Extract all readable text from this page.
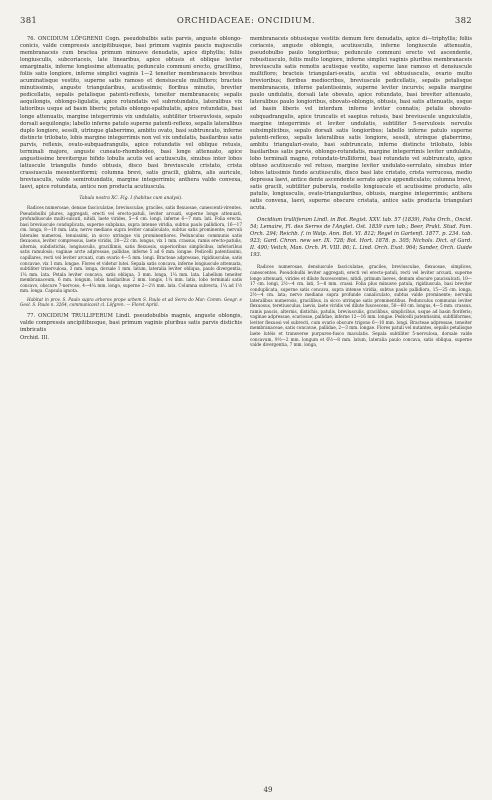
381	ORCHIDACEAE: ONCIDIUM.	382

76. ONCIDIUM LÖFGRENII Cogn. pseudobulbis satis parvis, anguste oblongo-conicis, valde compressis ancipitibusque, basi primum vaginis paucis majusculis membranaceis cum bractea primum minusve denudatis, apice diphyllis; foliis longiusculis, subcoriaceis, late linearibus, apice obtusis et oblique leviter emarginatis, inferne longissime attenuatis; pedunculo communi erecto, gracillimo, foliis satis longiore, inferne simplici vaginis 1—2 teneiter membranaceis brevibus acuminatisque vestito, superne satis ramoso et densiuscule multifloro; bracteis minutissimis, anguste triangularibus, acutissimis; floribus minutis, breviter pedicellatis, sepalis petalisque patenti-reflexis, teneiter membranaceis; sepalis aequilongis, oblongo-ligulatis, apice rotundatis vel subrotundatis, lateralibus vix latioribus usque ad basin liberis; petalis oblongo-spathulatis, apice rotundatis, basi longe attenuatis, margine integerrimis vix undulatis, subtiliter triseruvlosis, sepalo dorsali aequilongis; labello inferne patulo superne patenti-reflexo, sepalis lateralibus duplo longiore, sessili, utrinque glaberrimo, ambitu ovato, basi subtruncato, inferne distincte trilobato, lobis margine integerrimis non vel vix undulatis, basilaribus satis parvis, reflexis, ovato-subquadrangulis, apice rotundatis vel oblique retusis, terminali majore, anguste cuneato-rhomboideo, basi longe attenuato, apice angustissime breviterque bifido lobulis acutis vel acutiusculis, sinubus inter lobos latiuscule triangulis fundo obtusis, disco basi breviuscule cristato, crista crassiuscula mesenteriformi; columna brevi, satis gracili, glabra, alis auricule, breviusculis, valde semirotundatis, margine integerrimis; anthera valde convexa, laevi, apice rotundata, antice non producta acutiuscula.

Tabula nostra XC. Fig. I (habitus cum analysi).

Radices numerosae, densae fasciculatae, breviusculae, graciles, satis flexuosae, canescenti-virentes. Pseudobulbi plures, aggregati, erecti vel erecto-patuli, leviter arcuati, superne longe attenuati, profundiuscule multi-sulcati, nitidi, laete virides, 5—6 cm. longi, inferne 6—7 mm. lati. Folia erecta, basi breviuscule conduplicata, superne subplana, supra intense viridia, subtus paulo pallidiora, 16—17 cm. longa, 8—10 mm. lata; nervo mediano supra leviter canaliculato, subtus satis prominente; nervuli laterales numerosi, tenuissimi, in sicco utrinque vix prominentiores. Pedunculus communis satis flexuosus, leviter compressus, laete viridis, 20—22 cm. longus, vix 1 mm. crassus, ramis erecto-patulis, alternis, subdistichis, longiusculis, gracillimis, satis flexuosis, superioribus simplicibus, inferioribus satis ramulosis; vaginae arcte adpressae, pallidae, inferne 5 ad 6 mm. longae. Pedicelli patentissimi, capillares, recti vel leviter arcuati, cum ovario 4—5 mm. longi. Bracteae adpressae, rigidiusculae, satis concavae, vix 1 mm. longae. Flores et videtur lutei. Sepala satis concava, inferne longiuscule attenuata, subtiliter triservulosa, 3 mm. longa, dorsale 1 mm. latum, lateralia leviter obliqua, paulo divergentia, 1¼ mm. lata. Petala leviter concava, satis obliqua, 3 mm. longa, 1¼ mm. lata. Labellum teneiter membranaceum, 6 mm. longum, lobis basilaribus 2 mm. longis, 1¼ mm. latis, lobo terminali satis concavo, obscure 7-nervoso, 4—4¼ mm. longo, superne 2—2½ mm. lata. Columna subrecta, 1¼ ad 1½ mm. longa. Capsula ignota.

Habitat in prov. S. Paulo supra arbores prope urbem S. Paulo et ad Serra do Mar: Comm. Geogr. e Geol. S. Paulo n. 3264, communicavit cl. Löfgren. — Floret Aprili.

77. ONCIDIUM TRULLIFERUM Lindl. pseudobulbis magnis, anguste oblongis, valde compressis ancipitibusque, basi primum vaginis pluribus satis parvis distichis imbricatis

Orchid. III.

membranaceis obtusisque vestitis demum fere denudatis, apice di—triphyllis; foliis coriaceis, anguste oblongis, acutiusculis, inferne longiuscule attenuatis, pseudobulbo paulo longioribus; pedunculo communi erecto vel ascendente, robustiusculo, foliis multo longiore, inferne simplici vaginis pluribus membranaceis breviusculis satis remotis acutisque vestito, superne laxe ramoso et densiuscule multifloro; bracteis triangulari-ovatis, acutis vel obtusiusculis, ovario multo brevioribus; floribus mediocribus, breviuscule pedicellatis, sepalis petalisque membranaceis, inferne patentissimis, superne leviter incurvis; sepalis margine paulo undulatis, dorsali late obovato, apice rotundato, basi breviter attenuato, lateralibus paulo longioribus, obovato-oblongis, obtusis, basi satis attenuatis, usque ad basin liberis vel interdum inferne leviter connatis; petalis obovato-subquadrangulis, apice truncatis et saepius retusis, basi breviuscule unguiculatis, margine integerrimis et leviter undulatis, subtiliter 5-nervulosis nervulis subsimplicibus, sepalo dorsali satis longioribus; labello inferne patulo superne patenti-reflexo, sepalis lateralibus satis longiore, sessili, utrinque glaberrimo, ambitu triangulari-ovato, basi subtruncato, inferne distincte trilobato, lobis basilaribus satis parvis, oblongo-rotundatis, margine integerrimis leviter undulatis, lobo terminali magno, rotundato-trulliformi, basi rotundato vel subtruncato, apice obtuso acutiusculo vel retuso, margine leviter undulato-serrulato, sinubus inter lobos latissimis fundo acutiusculis, disco basi late cristato, crista verrucosa, medio depressa laevi, antice dente ascendente serrato apice appendiculato; columna brevi, satis gracili, subtiliter puberula, rostello longiuscule et acutissime producto, alis patulis, longiusculis, ovato-triangularibus, obtusis, margine integerrimis; anthera satis convexa, laevi, superne obscure cristata, antice satis producta triangulari acuta.

Oncidium trulliferum Lindl. in Bot. Regist. XXV. tab. 57 (1839), Folia Orch., Oncid. 54; Lemaire, Fl. des Serres de l'Anglet. Ost. 1839 cum tab.; Beer, Prakt. Stud. Fam. Orch. 294; Reichb. f. in Walp. Ann. Bot. VI. 812; Regel in Gartenfl. 1877. p. 234. tab. 923; Gard. Chron. new ser. IX. 728; Bot. Hort. 1878. p. 305; Nichols. Dict. of Gard. II. 490; Veitch, Man. Orch. Pl. VIII. 86; L. Lind. Orch. Exot. 964; Sander, Orch. Guide 193.

Radices numerosae, densiuscule fasciculatae, graciles, breviusculae, flexuosae, simplices, canescentes. Pseudobulbi leviter aggregati, erecti vel erecto-patuli, recti vel leviter arcuati, superne longe attenuati, virides et dilute fuscescentes, nitidi, primum laeves, demum obscure paucisulcati, 10—17 cm. longi, 2½—4 cm. lati, 5—8 mm. crassi. Folia plus minusve patula, rigidiuscula, basi breviter conduplicata, superne satis concava, supra intense viridia, subtus paulo pallidiora, 15—25 cm. longa, 2½—4 cm. lata; nervo mediano supra profunde canaliculato, subtus valde prominente; nervulis lateralibus numerosis, gracilibus, in sicco utrinque satis prominentibus. Pedunculus communis leviter flexuosus, teretiusculus, laevis, laete viridis vel dilute fuscescens, 50—60 cm. longus, 4—5 mm. crassus, ramis paucis, alternis, distichis, patulis, breviusculis, gracilibus, simplicibus, usque ad basin floriferis; vaginae adpressae, scariosae, pallidae, inferne 12—16 mm. longae. Pedicelli patentissimi, subfiliformes, leviter flexuosi vel subrecti, cum ovario obscure trigono 6—10 mm. longi. Bracteae adpressae, teneiter membranaceae, satis concavae, pallidae, 2—3 mm. longae. Flores patuli vel nutantes, sepalis petalisque laete lutéis et transverse purpureo-fusco maculatis. Sepala subtiliter 5-nervulosa, dorsale valde concavum, 9½—2 mm. longum et 6½—8 mm. latum, lateralia paulo concava, satis obliqua, superne valde divergentia, 7 mm. longa,

49
